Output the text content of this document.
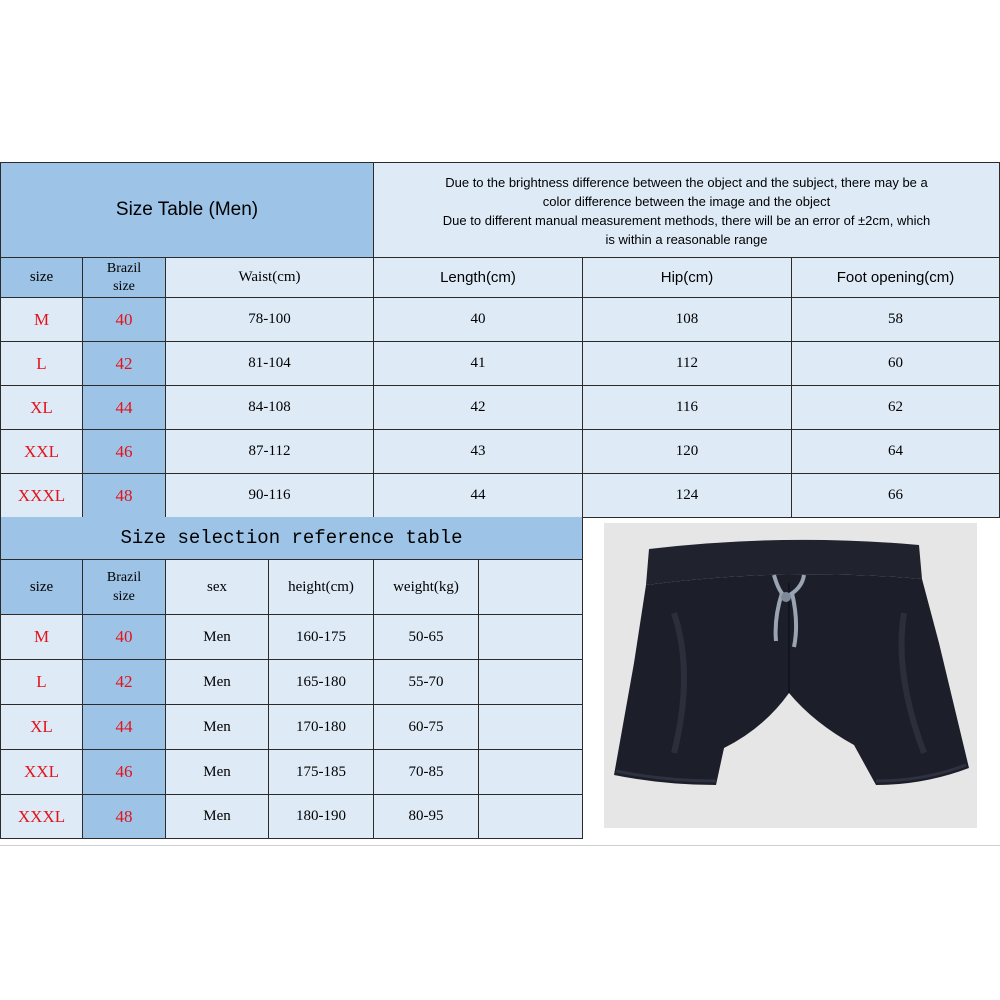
Size Table (Men)
Due to the brightness difference between the object and the subject, there may be a
color difference between the image and the object
Due to different manual measurement methods, there will be an error of ±2cm, which
is within a reasonable range
size
Brazil
size
Waist(cm)	Length(cm)	Hip(cm)	Foot opening(cm)
M	40	78-100	40	108	58
L	42	81-104	41	112	60
XL	44	84-108	42	116	62
XXL	46	87-112	43	120	64
XXXL	48	90-116	44	124	66
Size selection reference table
size
Brazil
size
sex	height(cm)	weight(kg)
M	40	Men	160-175	50-65
L	42	Men	165-180	55-70
XL	44	Men	170-180	60-75
XXL	46	Men	175-185	70-85
XXXL	48	Men	180-190	80-95
